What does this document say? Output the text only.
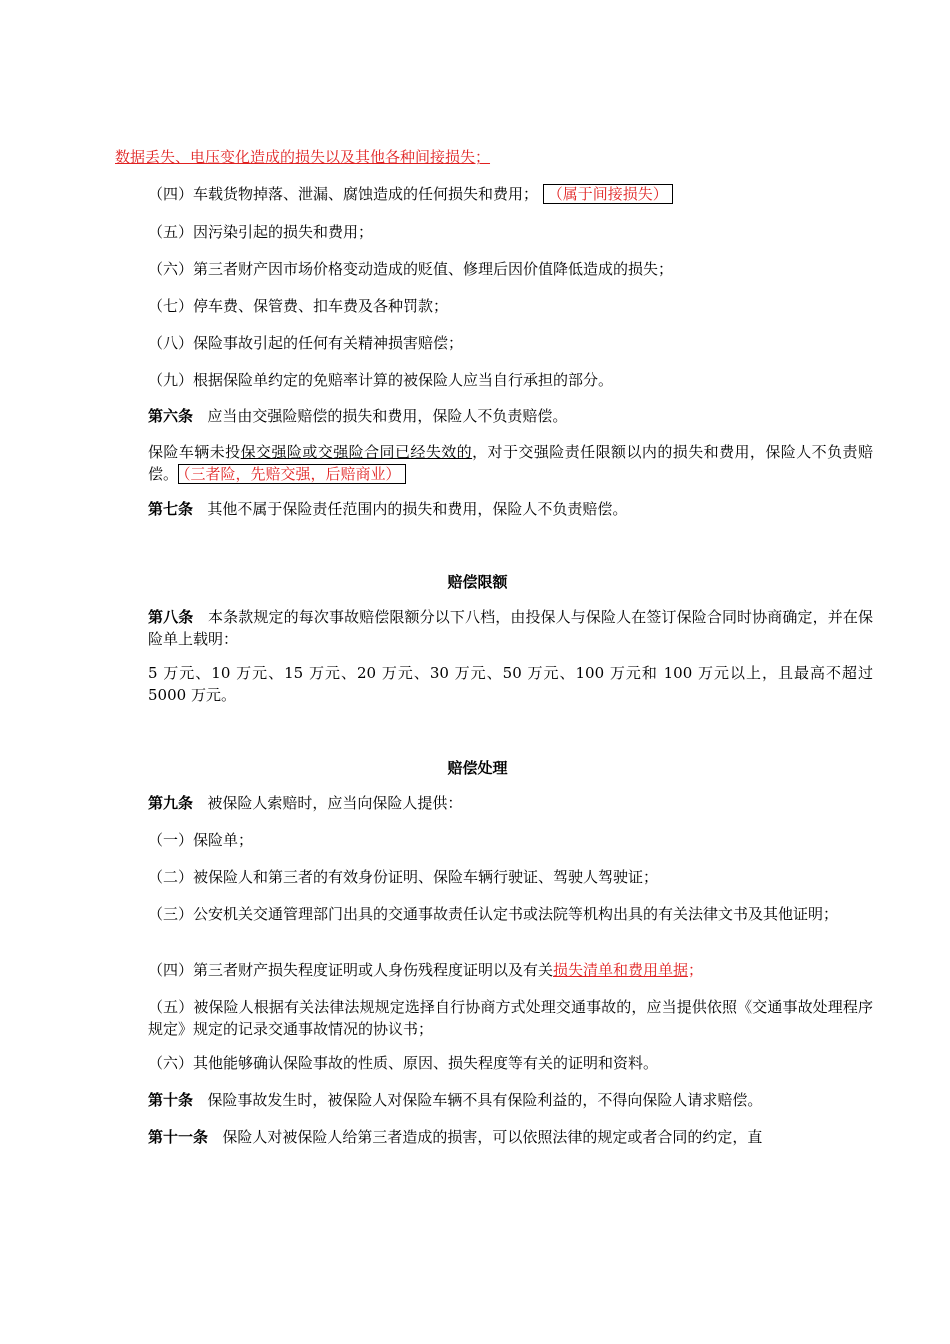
数据丢失、电压变化造成的损失以及其他各种间接损失；
（四）车载货物掉落、泄漏、腐蚀造成的任何损失和费用； （属于间接损失）
（五）因污染引起的损失和费用；
（六）第三者财产因市场价格变动造成的贬值、修理后因价值降低造成的损失；
（七）停车费、保管费、扣车费及各种罚款；
（八）保险事故引起的任何有关精神损害赔偿；
（九）根据保险单约定的免赔率计算的被保险人应当自行承担的部分。
第六条 应当由交强险赔偿的损失和费用，保险人不负责赔偿。
保险车辆未投保交强险或交强险合同已经失效的，对于交强险责任限额以内的损失和费用，保险人不负责赔偿。 （三者险，先赔交强，后赔商业）
第七条 其他不属于保险责任范围内的损失和费用，保险人不负责赔偿。
赔偿限额
第八条 本条款规定的每次事故赔偿限额分以下八档，由投保人与保险人在签订保险合同时协商确定，并在保险单上载明：
5 万元、10 万元、15 万元、20 万元、30 万元、50 万元、100 万元和 100 万元以上，且最高不超过 5000 万元。
赔偿处理
第九条 被保险人索赔时，应当向保险人提供：
（一）保险单；
（二）被保险人和第三者的有效身份证明、保险车辆行驶证、驾驶人驾驶证；
（三）公安机关交通管理部门出具的交通事故责任认定书或法院等机构出具的有关法律文书及其他证明；
（四）第三者财产损失程度证明或人身伤残程度证明以及有关损失清单和费用单据；
（五）被保险人根据有关法律法规规定选择自行协商方式处理交通事故的，应当提供依照《交通事故处理程序规定》规定的记录交通事故情况的协议书；
（六）其他能够确认保险事故的性质、原因、损失程度等有关的证明和资料。
第十条 保险事故发生时，被保险人对保险车辆不具有保险利益的，不得向保险人请求赔偿。
第十一条 保险人对被保险人给第三者造成的损害，可以依照法律的规定或者合同的约定，直
